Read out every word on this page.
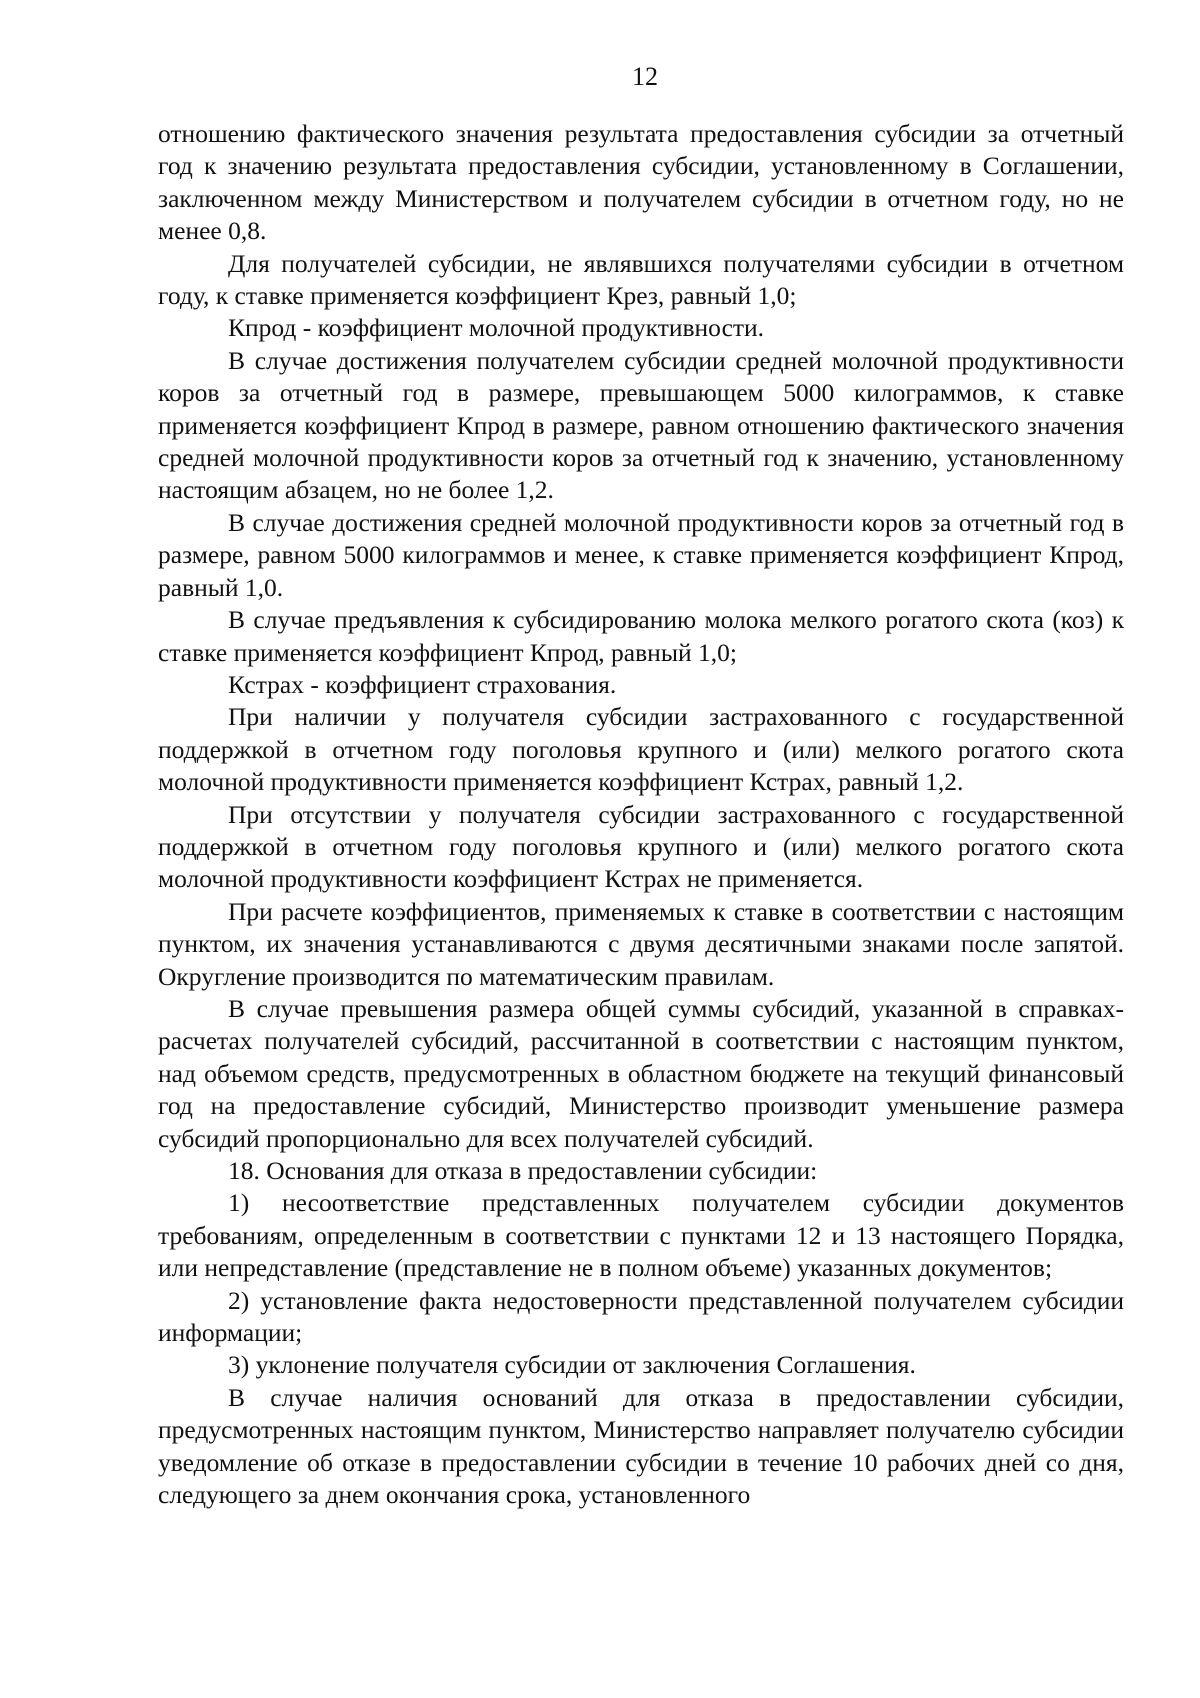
12

отношению фактического значения результата предоставления субсидии за отчетный год к значению результата предоставления субсидии, установленному в Соглашении, заключенном между Министерством и получателем субсидии в отчетном году, но не менее 0,8.

Для получателей субсидии, не являвшихся получателями субсидии в отчетном году, к ставке применяется коэффициент Крез, равный 1,0;

Кпрод - коэффициент молочной продуктивности.

В случае достижения получателем субсидии средней молочной продуктивности коров за отчетный год в размере, превышающем 5000 килограммов, к ставке применяется коэффициент Кпрод в размере, равном отношению фактического значения средней молочной продуктивности коров за отчетный год к значению, установленному настоящим абзацем, но не более 1,2.

В случае достижения средней молочной продуктивности коров за отчетный год в размере, равном 5000 килограммов и менее, к ставке применяется коэффициент Кпрод, равный 1,0.

В случае предъявления к субсидированию молока мелкого рогатого скота (коз) к ставке применяется коэффициент Кпрод, равный 1,0;

Кстрах - коэффициент страхования.

При наличии у получателя субсидии застрахованного с государственной поддержкой в отчетном году поголовья крупного и (или) мелкого рогатого скота молочной продуктивности применяется коэффициент Кстрах, равный 1,2.

При отсутствии у получателя субсидии застрахованного с государственной поддержкой в отчетном году поголовья крупного и (или) мелкого рогатого скота молочной продуктивности коэффициент Кстрах не применяется.

При расчете коэффициентов, применяемых к ставке в соответствии с настоящим пунктом, их значения устанавливаются с двумя десятичными знаками после запятой. Округление производится по математическим правилам.

В случае превышения размера общей суммы субсидий, указанной в справках-расчетах получателей субсидий, рассчитанной в соответствии с настоящим пунктом, над объемом средств, предусмотренных в областном бюджете на текущий финансовый год на предоставление субсидий, Министерство производит уменьшение размера субсидий пропорционально для всех получателей субсидий.

18. Основания для отказа в предоставлении субсидии:

1) несоответствие представленных получателем субсидии документов требованиям, определенным в соответствии с пунктами 12 и 13 настоящего Порядка, или непредставление (представление не в полном объеме) указанных документов;

2) установление факта недостоверности представленной получателем субсидии информации;

3) уклонение получателя субсидии от заключения Соглашения.

В случае наличия оснований для отказа в предоставлении субсидии, предусмотренных настоящим пунктом, Министерство направляет получателю субсидии уведомление об отказе в предоставлении субсидии в течение 10 рабочих дней со дня, следующего за днем окончания срока, установленного
